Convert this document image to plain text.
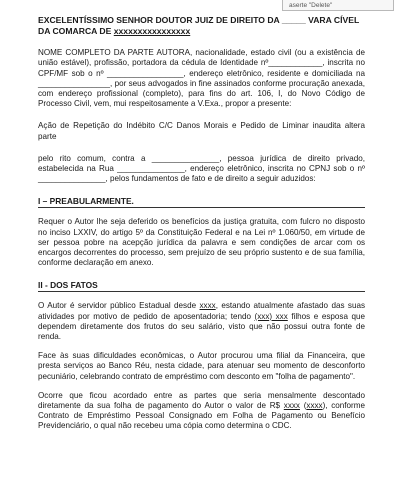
aserte "Delete"
EXCELENTÍSSIMO SENHOR DOUTOR JUIZ DE DIREITO DA _____ VARA CÍVEL
DA COMARCA DE xxxxxxxxxxxxxxxx

NOME COMPLETO DA PARTE AUTORA, nacionalidade, estado civil (ou a existência de união estável), profissão, portadora da cédula de Identidade nº____________, inscrita no CPF/MF sob o nº _________________, endereço eletrônico, residente e domiciliada na ________________, por seus advogados in fine assinados conforme procuração anexada, com endereço profissional (completo), para fins do art. 106, I, do Novo Código de Processo Civil, vem, mui respeitosamente a V.Exa., propor a presente:

Ação de Repetição do Indébito C/C Danos Morais e Pedido de Liminar inaudita altera parte

pelo rito comum, contra a _______________, pessoa jurídica de direito privado, estabelecida na Rua _______________, endereço eletrônico, inscrita no CPNJ sob o nº _______________, pelos fundamentos de fato e de direito a seguir aduzidos:

I – PREABULARMENTE.

Requer o Autor lhe seja deferido os benefícios da justiça gratuita, com fulcro no disposto no inciso LXXIV, do artigo 5º da Constituição Federal e na Lei nº 1.060/50, em virtude de ser pessoa pobre na acepção jurídica da palavra e sem condições de arcar com os encargos decorrentes do processo, sem prejuízo de seu próprio sustento e de sua família, conforme declaração em anexo.

II - DOS FATOS

O Autor é servidor público Estadual desde xxxx, estando atualmente afastado das suas atividades por motivo de pedido de aposentadoria; tendo (xxx) xxx filhos e esposa que dependem diretamente dos frutos do seu salário, visto que não possui outra fonte de renda.

Face às suas dificuldades econômicas, o Autor procurou uma filial da Financeira, que presta serviços ao Banco Réu, nesta cidade, para atenuar seu momento de desconforto pecuniário, celebrando contrato de empréstimo com desconto em "folha de pagamento".

Ocorre que ficou acordado entre as partes que seria mensalmente descontado diretamente da sua folha de pagamento do Autor o valor de R$ xxxx (xxxx), conforme Contrato de Empréstimo Pessoal Consignado em Folha de Pagamento ou Benefício Previdenciário, o qual não recebeu uma cópia como determina o CDC.
